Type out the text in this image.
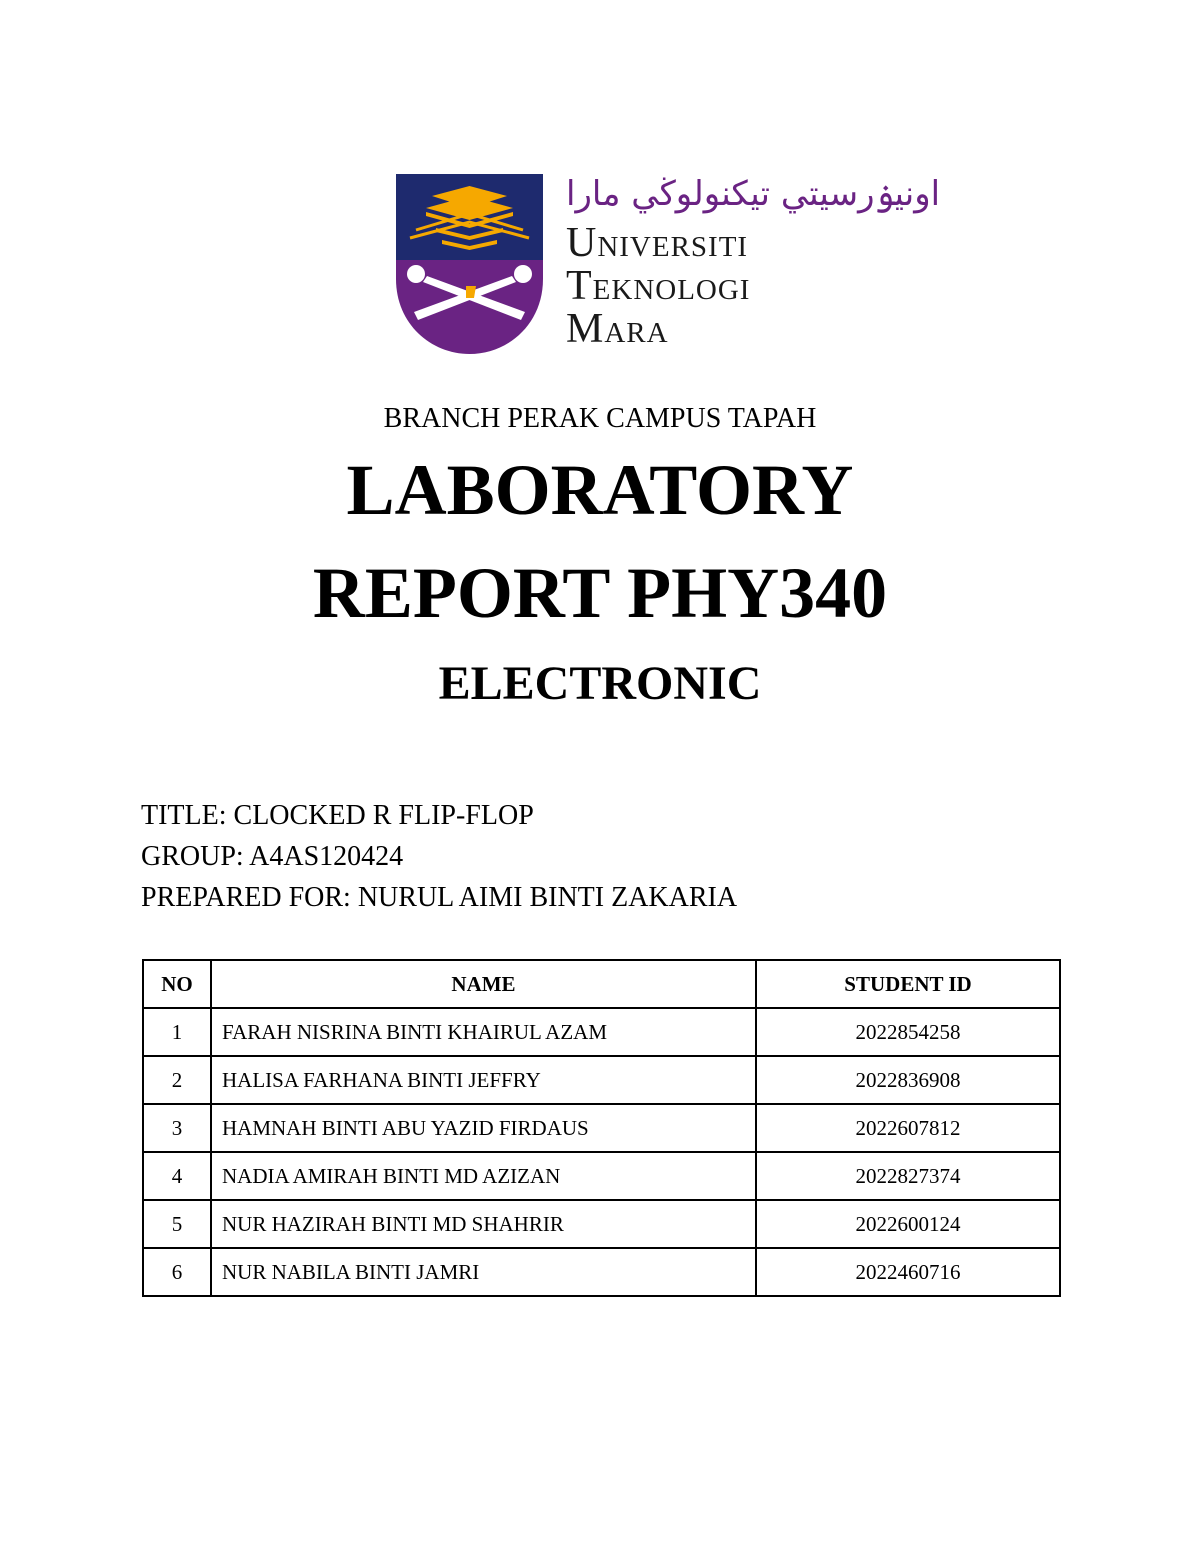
اونيۏرسيتي تيکنولوڬي مارا
Universiti
Teknologi
Mara
BRANCH PERAK CAMPUS TAPAH
LABORATORY
REPORT PHY340
ELECTRONIC
TITLE: CLOCKED R FLIP-FLOP
GROUP: A4AS120424
PREPARED FOR: NURUL AIMI BINTI ZAKARIA
NO	NAME	STUDENT ID
1	FARAH NISRINA BINTI KHAIRUL AZAM	2022854258
2	HALISA FARHANA BINTI JEFFRY	2022836908
3	HAMNAH BINTI ABU YAZID FIRDAUS	2022607812
4	NADIA AMIRAH BINTI MD AZIZAN	2022827374
5	NUR HAZIRAH BINTI MD SHAHRIR	2022600124
6	NUR NABILA BINTI JAMRI	2022460716
